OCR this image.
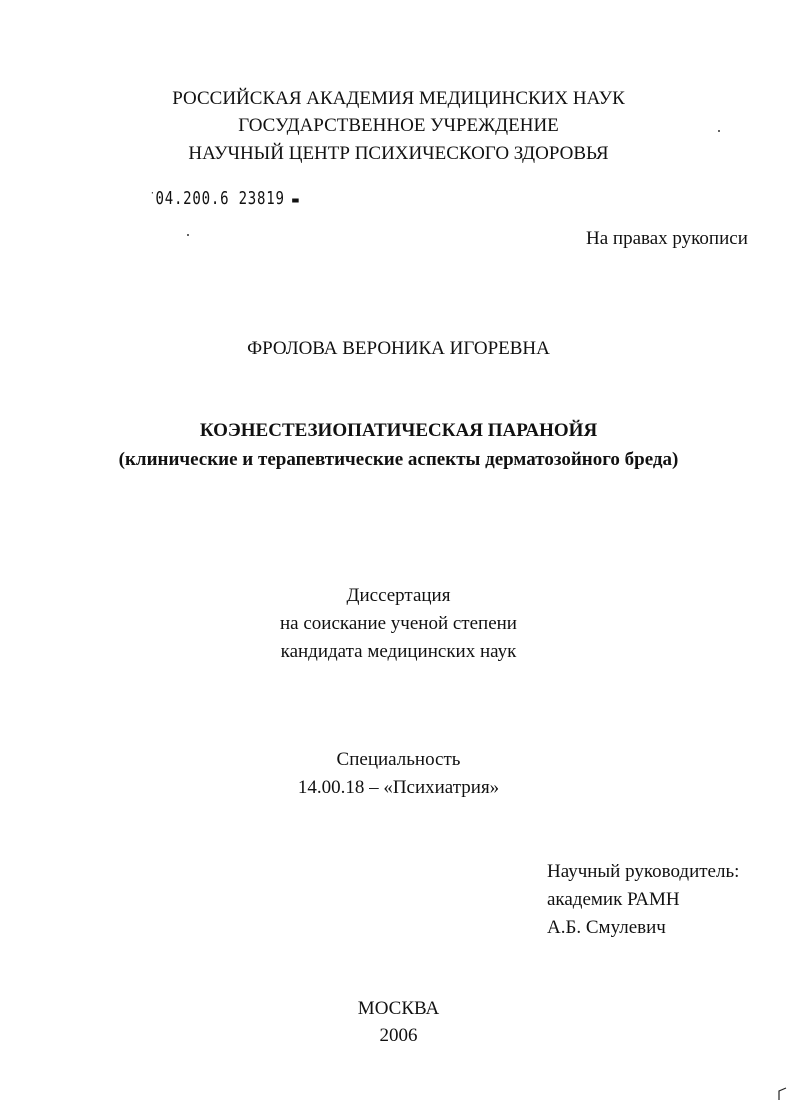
РОССИЙСКАЯ АКАДЕМИЯ МЕДИЦИНСКИХ НАУК
ГОСУДАРСТВЕННОЕ УЧРЕЖДЕНИЕ
НАУЧНЫЙ ЦЕНТР ПСИХИЧЕСКОГО ЗДОРОВЬЯ
·04.200.6 23819 ▬
На правах рукописи
ФРОЛОВА ВЕРОНИКА ИГОРЕВНА
КОЭНЕСТЕЗИОПАТИЧЕСКАЯ ПАРАНОЙЯ
(клинические и терапевтические аспекты дерматозойного бреда)
Диссертация
на соискание ученой степени
кандидата медицинских наук
Специальность
14.00.18 – «Психиатрия»
Научный руководитель:
академик РАМН
А.Б. Смулевич
МОСКВА
2006
